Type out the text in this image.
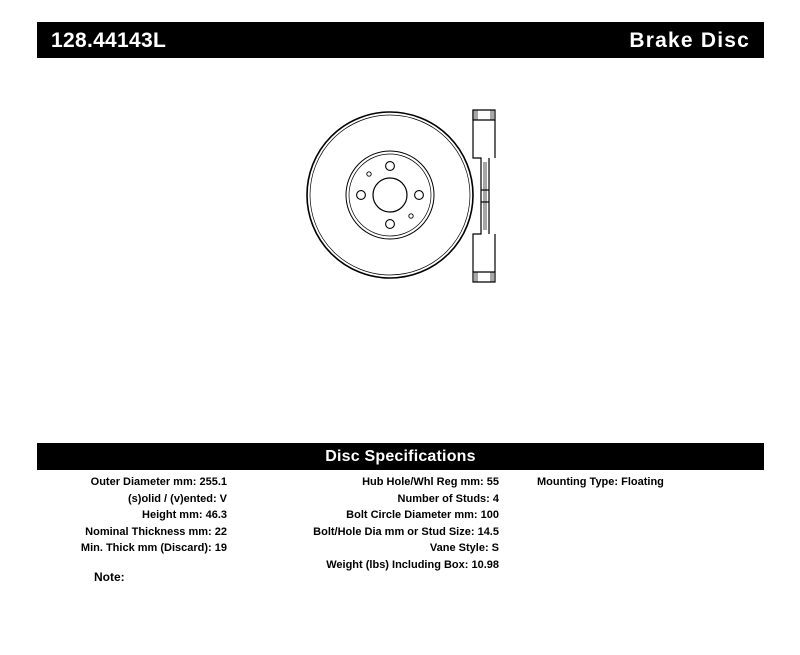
128.44143L	Brake Disc
Disc Specifications
Outer Diameter mm: 255.1
(s)olid / (v)ented: V
Height mm: 46.3
Nominal Thickness mm: 22
Min. Thick mm (Discard): 19
Hub Hole/Whl Reg mm: 55
Number of Studs: 4
Bolt Circle Diameter mm: 100
Bolt/Hole Dia mm or Stud Size: 14.5
Vane Style: S
Weight (lbs) Including Box: 10.98
Mounting Type: Floating
Note:
